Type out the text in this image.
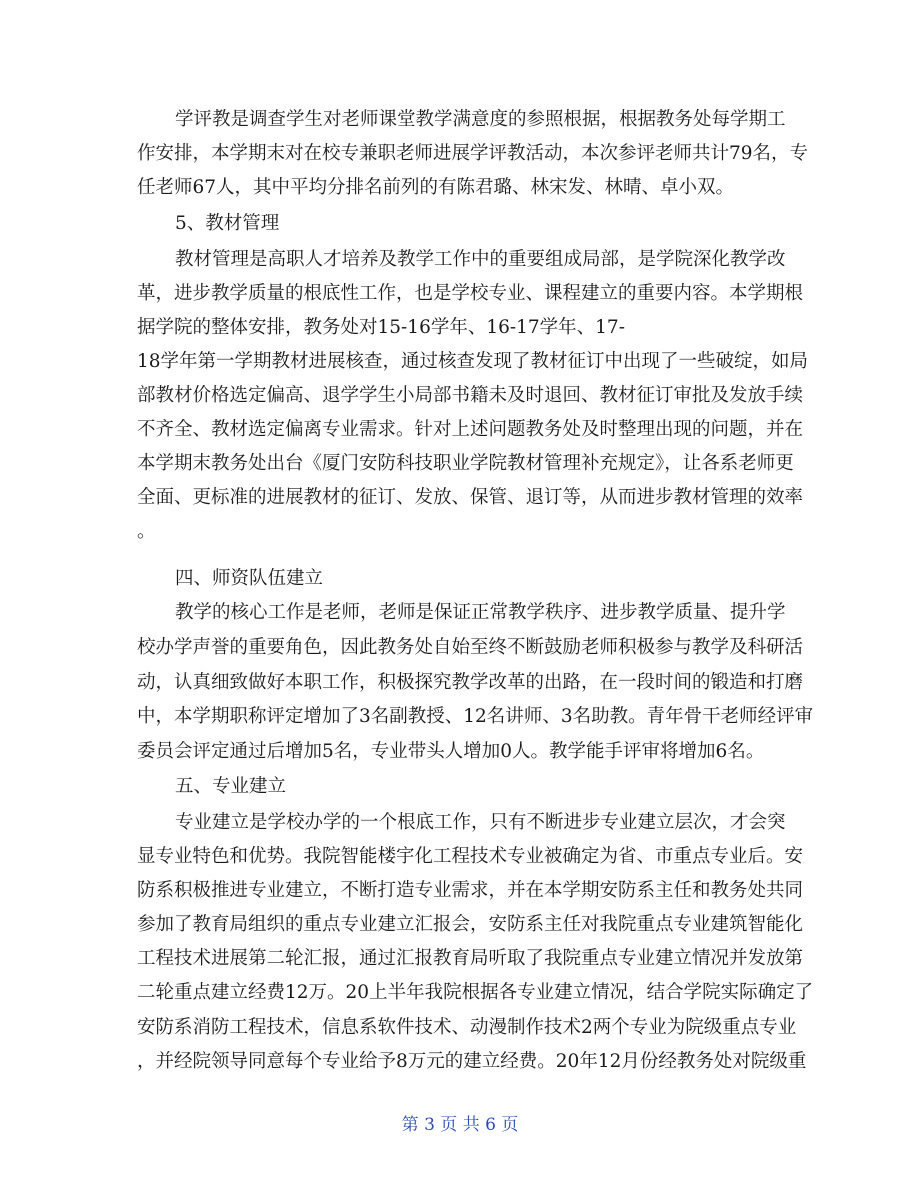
学评教是调查学生对老师课堂教学满意度的参照根据，根据教务处每学期工
作安排，本学期末对在校专兼职老师进展学评教活动，本次参评老师共计79名，专
任老师67人，其中平均分排名前列的有陈君璐、林宋发、林晴、卓小双。
5、教材管理
教材管理是高职人才培养及教学工作中的重要组成局部，是学院深化教学改
革，进步教学质量的根底性工作，也是学校专业、课程建立的重要内容。本学期根
据学院的整体安排，教务处对15-16学年、16-17学年、17-
18学年第一学期教材进展核查，通过核查发现了教材征订中出现了一些破绽，如局
部教材价格选定偏高、退学学生小局部书籍未及时退回、教材征订审批及发放手续
不齐全、教材选定偏离专业需求。针对上述问题教务处及时整理出现的问题，并在
本学期末教务处出台《厦门安防科技职业学院教材管理补充规定》，让各系老师更
全面、更标准的进展教材的征订、发放、保管、退订等，从而进步教材管理的效率
。
四、师资队伍建立
教学的核心工作是老师，老师是保证正常教学秩序、进步教学质量、提升学
校办学声誉的重要角色，因此教务处自始至终不断鼓励老师积极参与教学及科研活
动，认真细致做好本职工作，积极探究教学改革的出路，在一段时间的锻造和打磨
中，本学期职称评定增加了3名副教授、12名讲师、3名助教。青年骨干老师经评审
委员会评定通过后增加5名，专业带头人增加0人。教学能手评审将增加6名。
五、专业建立
专业建立是学校办学的一个根底工作，只有不断进步专业建立层次，才会突
显专业特色和优势。我院智能楼宇化工程技术专业被确定为省、市重点专业后。安
防系积极推进专业建立，不断打造专业需求，并在本学期安防系主任和教务处共同
参加了教育局组织的重点专业建立汇报会，安防系主任对我院重点专业建筑智能化
工程技术进展第二轮汇报，通过汇报教育局听取了我院重点专业建立情况并发放第
二轮重点建立经费12万。20上半年我院根据各专业建立情况，结合学院实际确定了
安防系消防工程技术，信息系软件技术、动漫制作技术2两个专业为院级重点专业
，并经院领导同意每个专业给予8万元的建立经费。20年12月份经教务处对院级重
第 3 页 共 6 页
